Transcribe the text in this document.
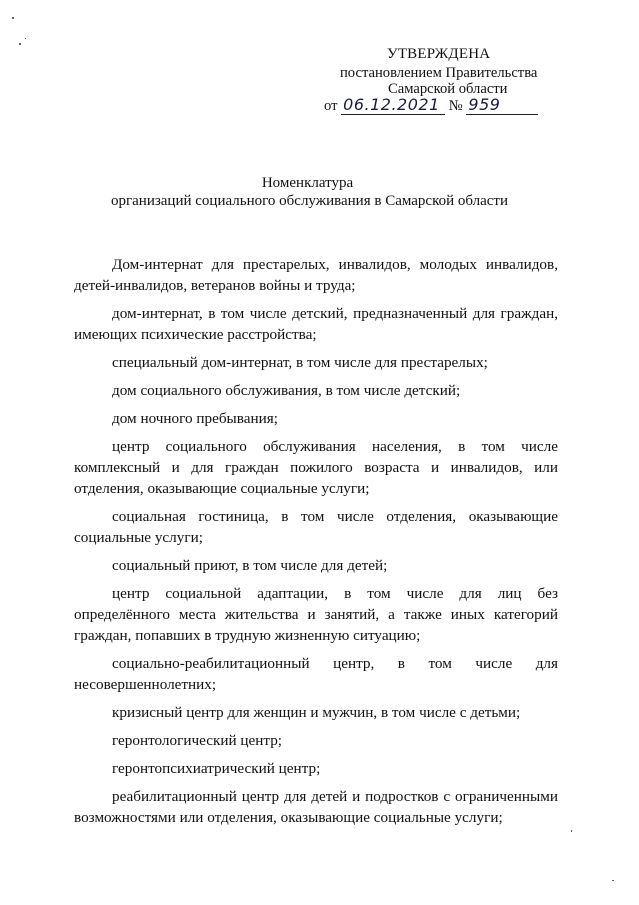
УТВЕРЖДЕНА
постановлением Правительства
Самарской области
от 06.12.2021 № 959
Номенклатура
организаций социального обслуживания в Самарской области

Дом-интернат для престарелых, инвалидов, молодых инвалидов, детей-инвалидов, ветеранов войны и труда;

дом-интернат, в том числе детский, предназначенный для граждан, имеющих психические расстройства;

специальный дом-интернат, в том числе для престарелых;

дом социального обслуживания, в том числе детский;

дом ночного пребывания;

центр социального обслуживания населения, в том числе комплексный и для граждан пожилого возраста и инвалидов, или отделения, оказывающие социальные услуги;

социальная гостиница, в том числе отделения, оказывающие социальные услуги;

социальный приют, в том числе для детей;

центр социальной адаптации, в том числе для лиц без определённого места жительства и занятий, а также иных категорий граждан, попавших в трудную жизненную ситуацию;

социально-реабилитационный центр, в том числе для несовершеннолетних;

кризисный центр для женщин и мужчин, в том числе с детьми;

геронтологический центр;

геронтопсихиатрический центр;

реабилитационный центр для детей и подростков с ограниченными возможностями или отделения, оказывающие социальные услуги;
